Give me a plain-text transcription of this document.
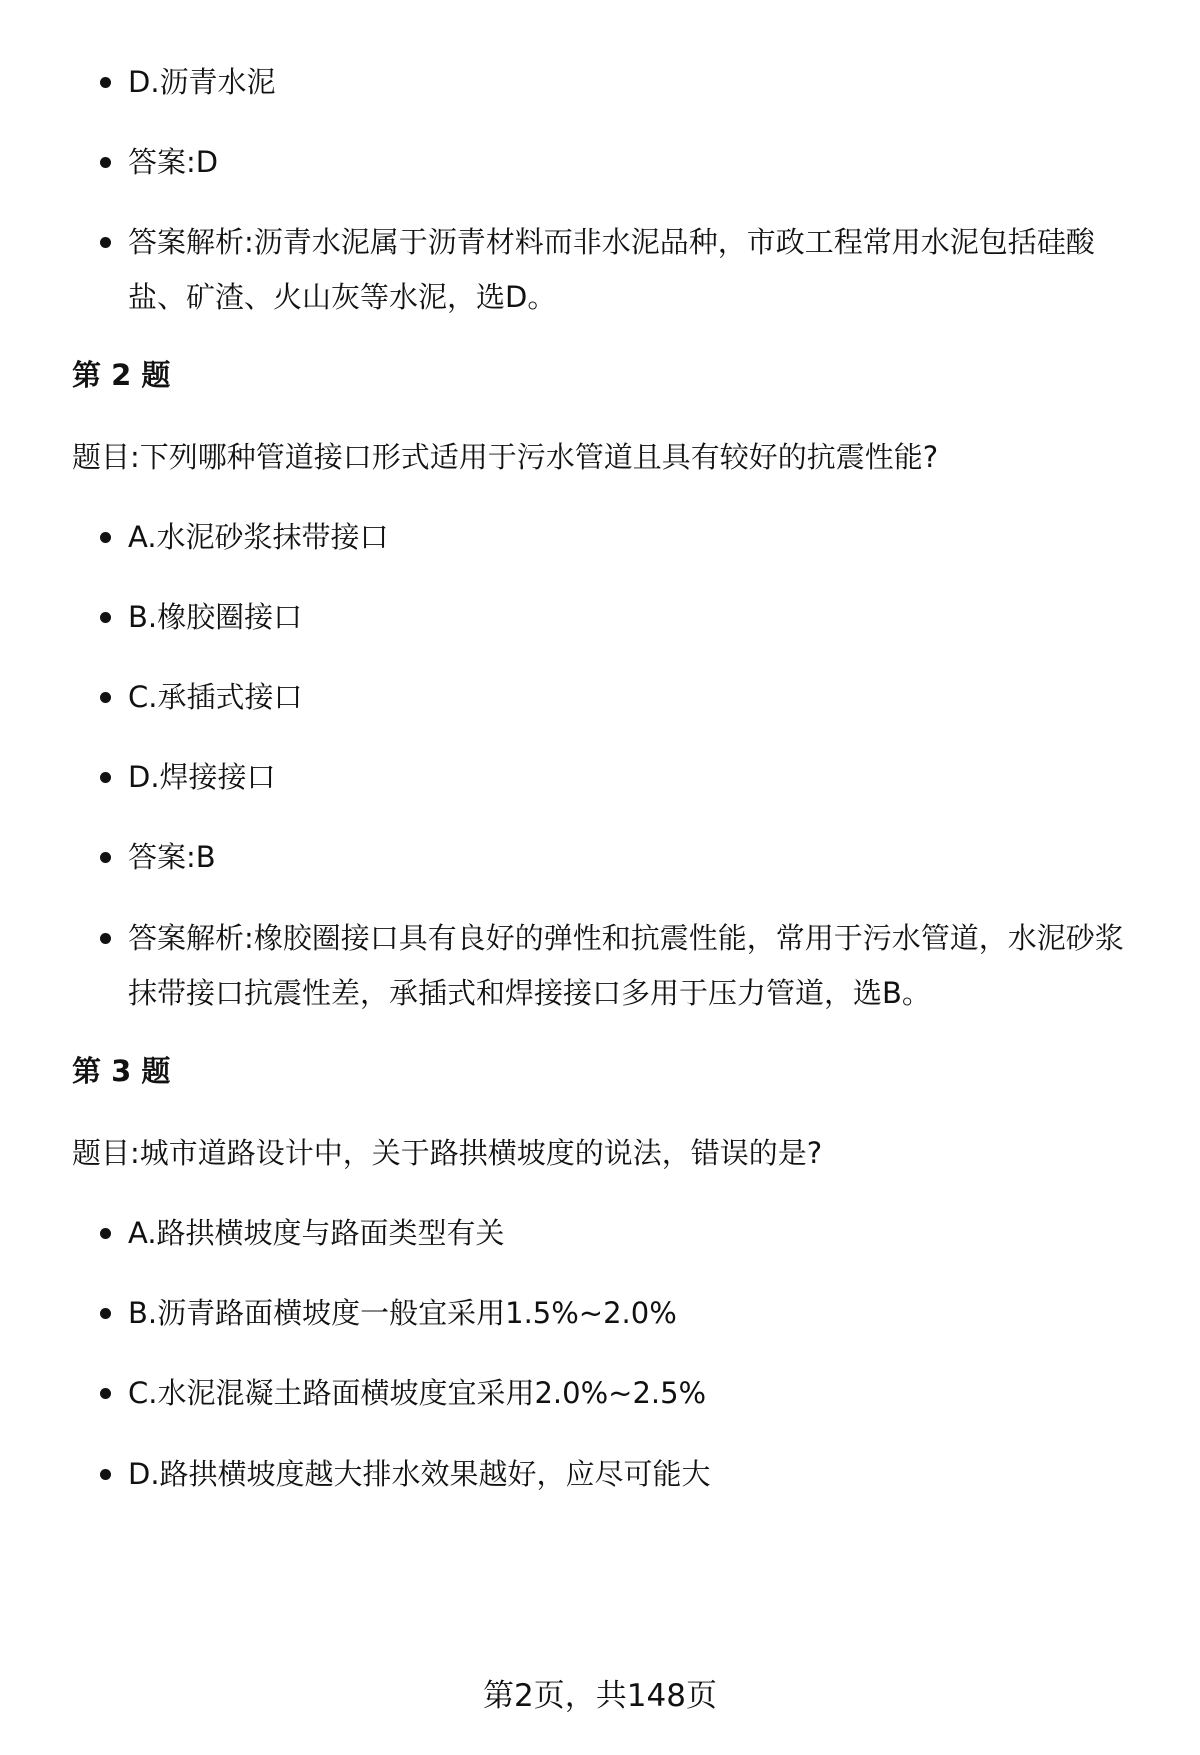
D.沥青水泥
答案:D
答案解析:沥青水泥属于沥青材料而非水泥品种，市政工程常用水泥包括硅酸
盐、矿渣、火山灰等水泥，选D。
第 2 题
题目:下列哪种管道接口形式适用于污水管道且具有较好的抗震性能?
A.水泥砂浆抹带接口
B.橡胶圈接口
C.承插式接口
D.焊接接口
答案:B
答案解析:橡胶圈接口具有良好的弹性和抗震性能，常用于污水管道，水泥砂浆
抹带接口抗震性差，承插式和焊接接口多用于压力管道，选B。
第 3 题
题目:城市道路设计中，关于路拱横坡度的说法，错误的是?
A.路拱横坡度与路面类型有关
B.沥青路面横坡度一般宜采用1.5%~2.0%
C.水泥混凝土路面横坡度宜采用2.0%~2.5%
D.路拱横坡度越大排水效果越好，应尽可能大
第2页，共148页
